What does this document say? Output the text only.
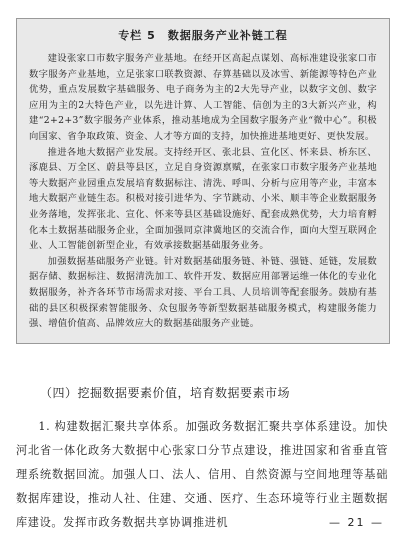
专栏 5 数据服务产业补链工程

建设张家口市数字服务产业基地。在经开区高起点谋划、高标准建设张家口市数字服务产业基地，立足张家口联教资源、存算基础以及冰雪、新能源等特色产业优势，重点发展数字基础服务、电子商务为主的2大先导产业，以数字文创、数字应用为主的2大特色产业，以先进计算、人工智能、信创为主的3大新兴产业，构建“2+2+3”数字服务产业体系，推动基地成为全国数字服务产业“微中心”。积极向国家、省争取政策、资金、人才等方面的支持，加快推进基地更好、更快发展。

推进各地大数据产业发展。支持经开区、张北县、宣化区、怀来县、桥东区、涿鹿县、万全区、蔚县等县区，立足自身资源禀赋，在张家口市数字服务产业基地等大数据产业园重点发展培育数据标注、清洗、呼叫、分析与应用等产业，丰富本地大数据产业链生态。积极对接引进华为、字节跳动、小米、顺丰等企业数据服务业务落地，发挥张北、宣化、怀来等县区基础设施好、配套成熟优势，大力培育孵化本土数据基础服务企业，全面加强同京津冀地区的交流合作，面向大型互联网企业、人工智能创新型企业，有效承接数据基础服务业务。

加强数据基础服务产业链。针对数据基础服务链、补链、强链、延链，发展数据存储、数据标注、数据清洗加工、软件开发、数据应用部署运维一体化的专业化数据服务，补齐各环节市场需求对接、平台工具、人员培训等配套服务。鼓励有基础的县区积极探索智能服务、众包服务等新型数据基础服务模式，构建服务能力强、增值价值高、品牌效应大的数据基础服务产业链。

（四）挖掘数据要素价值，培育数据要素市场

1. 构建数据汇聚共享体系。加强政务数据汇聚共享体系建设。加快河北省一体化政务大数据中心张家口分节点建设，推进国家和省垂直管理系统数据回流。加强人口、法人、信用、自然资源与空间地理等基础数据库建设，推动人社、住建、交通、医疗、生态环境等行业主题数据库建设。发挥市政务数据共享协调推进机	— 21 —
